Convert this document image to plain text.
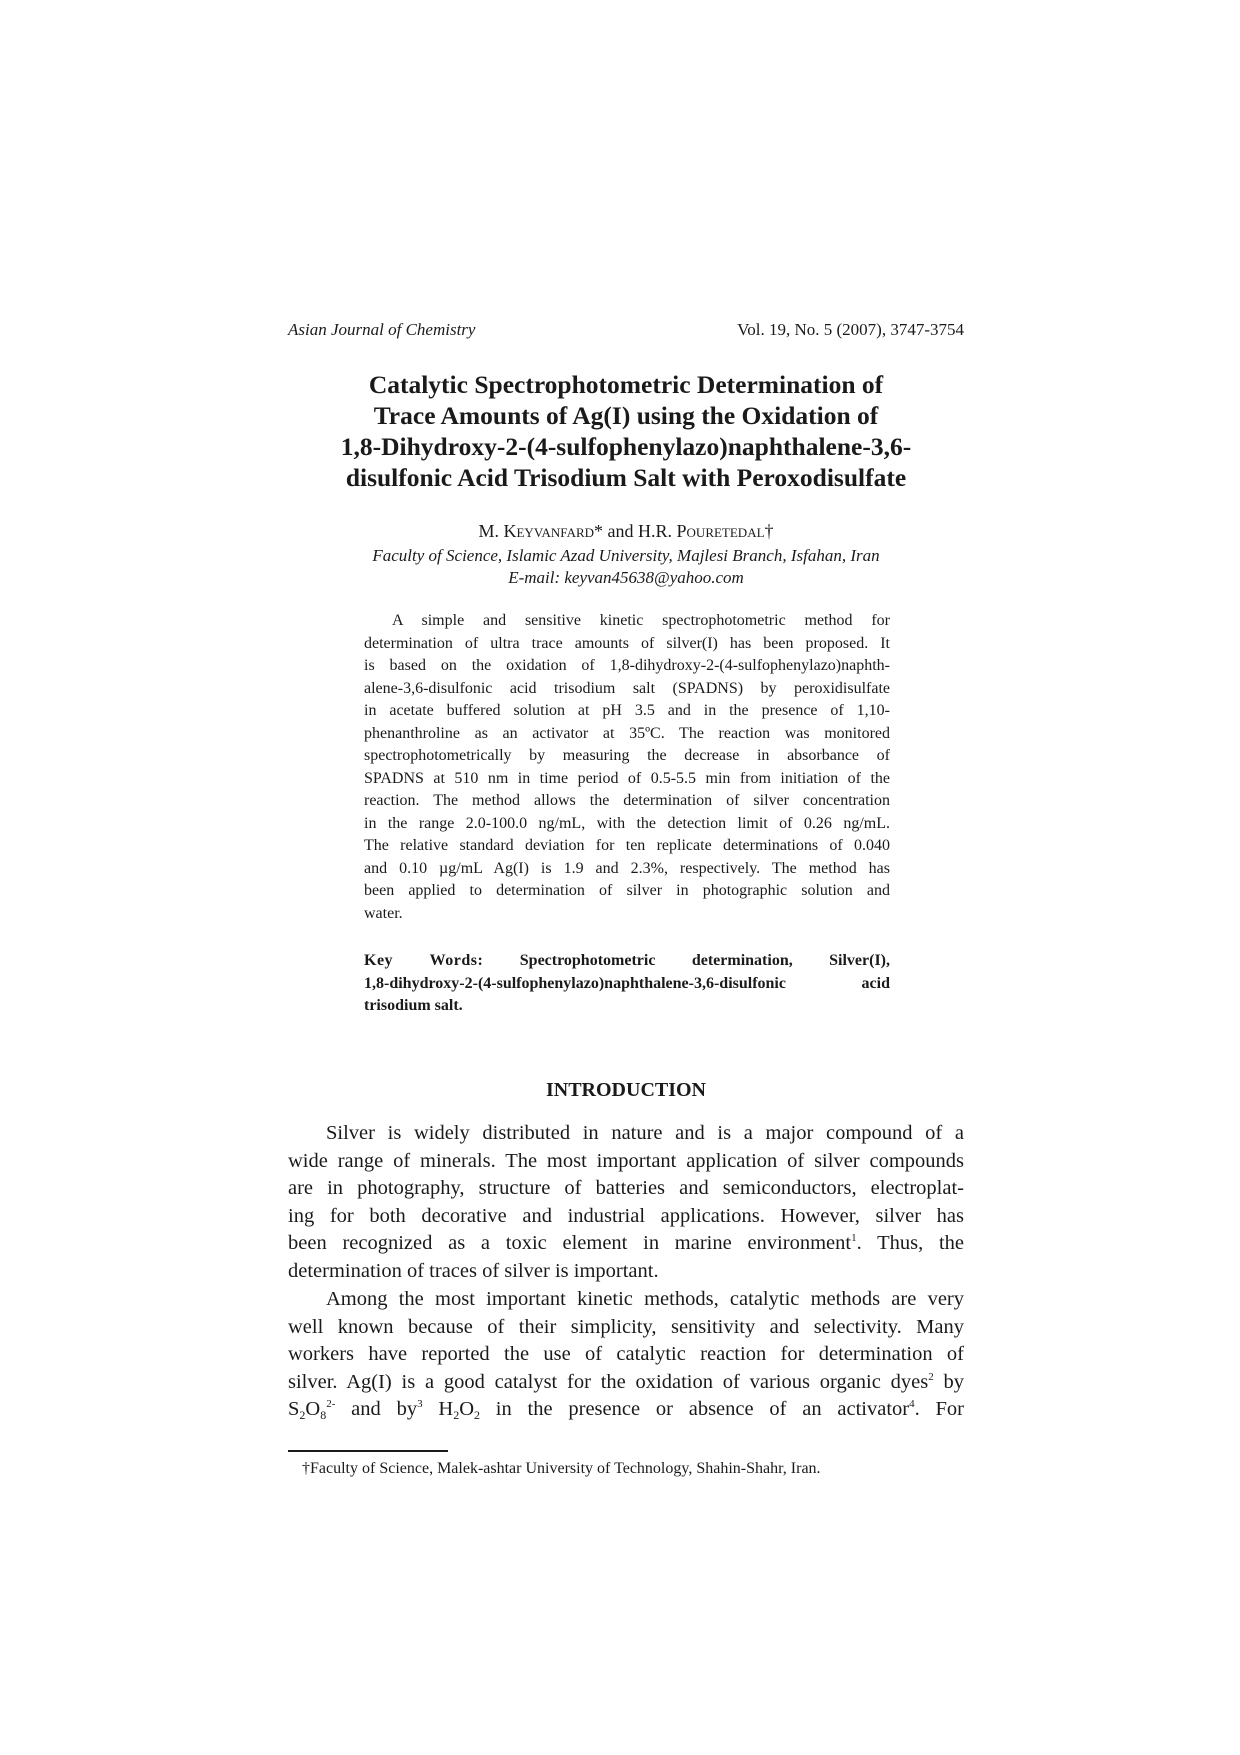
Asian Journal of Chemistry	Vol. 19, No. 5 (2007), 3747-3754
Catalytic Spectrophotometric Determination of
Trace Amounts of Ag(I) using the Oxidation of
1,8-Dihydroxy-2-(4-sulfophenylazo)naphthalene-3,6-
disulfonic Acid Trisodium Salt with Peroxodisulfate
M. Keyvanfard* and H.R. Pouretedal†
Faculty of Science, Islamic Azad University, Majlesi Branch, Isfahan, Iran
E-mail: keyvan45638@yahoo.com
A simple and sensitive kinetic spectrophotometric method for
determination of ultra trace amounts of silver(I) has been proposed. It
is based on the oxidation of 1,8-dihydroxy-2-(4-sulfophenylazo)naphth-
alene-3,6-disulfonic acid trisodium salt (SPADNS) by peroxidisulfate
in acetate buffered solution at pH 3.5 and in the presence of 1,10-
phenanthroline as an activator at 35ºC. The reaction was monitored
spectrophotometrically by measuring the decrease in absorbance of
SPADNS at 510 nm in time period of 0.5-5.5 min from initiation of the
reaction. The method allows the determination of silver concentration
in the range 2.0-100.0 ng/mL, with the detection limit of 0.26 ng/mL.
The relative standard deviation for ten replicate determinations of 0.040
and 0.10 µg/mL Ag(I) is 1.9 and 2.3%, respectively. The method has
been applied to determination of silver in photographic solution and
water.
Key Words: Spectrophotometric determination, Silver(I),
1,8-dihydroxy-2-(4-sulfophenylazo)naphthalene-3,6-disulfonic acid
trisodium salt.
INTRODUCTION
Silver is widely distributed in nature and is a major compound of a
wide range of minerals. The most important application of silver compounds
are in photography, structure of batteries and semiconductors, electroplat-
ing for both decorative and industrial applications. However, silver has
been recognized as a toxic element in marine environment$^1$. Thus, the
determination of traces of silver is important.
Among the most important kinetic methods, catalytic methods are very
well known because of their simplicity, sensitivity and selectivity. Many
workers have reported the use of catalytic reaction for determination of
silver. Ag(I) is a good catalyst for the oxidation of various organic dyes$^2$ by
$S_2O_8^{2-}$ and $by^3$ $H_2O_2$ in the presence or absence of an activator$^4$. For
†Faculty of Science, Malek-ashtar University of Technology, Shahin-Shahr, Iran.
